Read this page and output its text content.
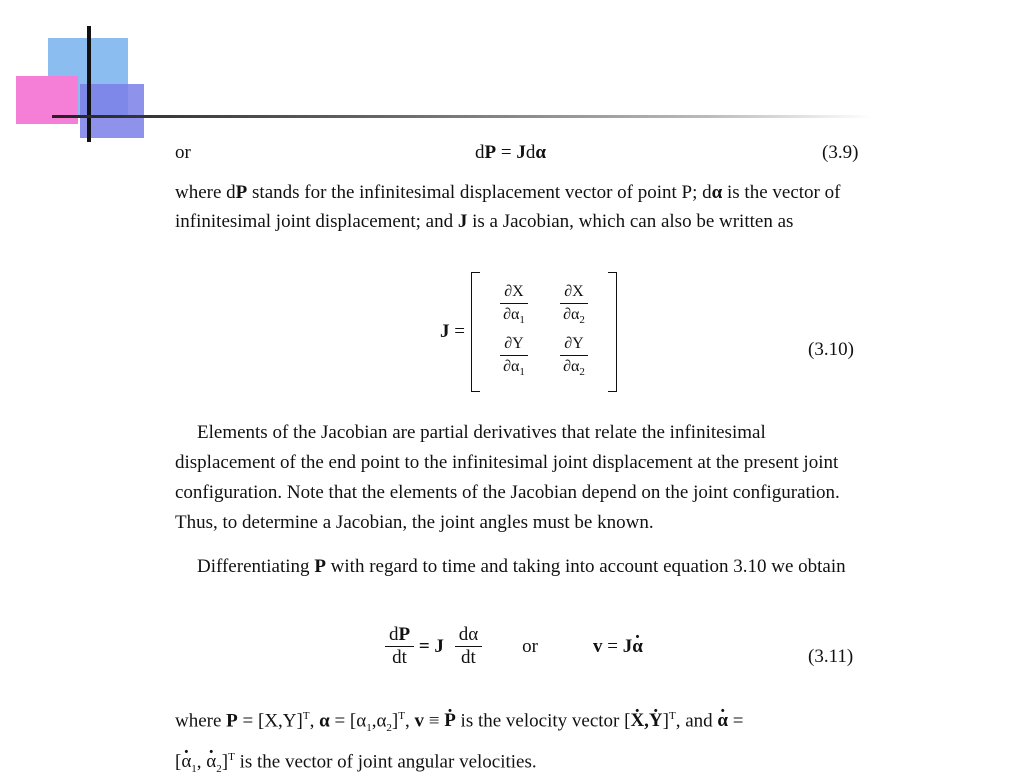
or	dP = Jdα	(3.9)
where dP stands for the infinitesimal displacement vector of point P; dα is the vector of infinitesimal joint displacement; and J is a Jacobian, which can also be written as
J =
$\frac{\partial X}{\partial\alpha_1} \frac{\partial X}{\partial\alpha_2}$
$\frac{\partial Y}{\partial\alpha_1} \frac{\partial Y}{\partial\alpha_2}$	(3.10)
Elements of the Jacobian are partial derivatives that relate the infinitesimal displacement of the end point to the infinitesimal joint displacement at the present joint configuration. Note that the elements of the Jacobian depend on the joint configuration. Thus, to determine a Jacobian, the joint angles must be known.
Differentiating P with regard to time and taking into account equation 3.10 we obtain
$\frac{dP}{dt} = J \frac{d\alpha}{dt}$ or	v = Jα .	(3.11)
where $P = [X,Y]^T$, $\alpha = [\alpha_1,\alpha_2]^T$, v ≡ P . is the velocity vector [X .,Y .]$^T$, and α . =
[α $._1$, α $._2]^T$ is the vector of joint angular velocities.
